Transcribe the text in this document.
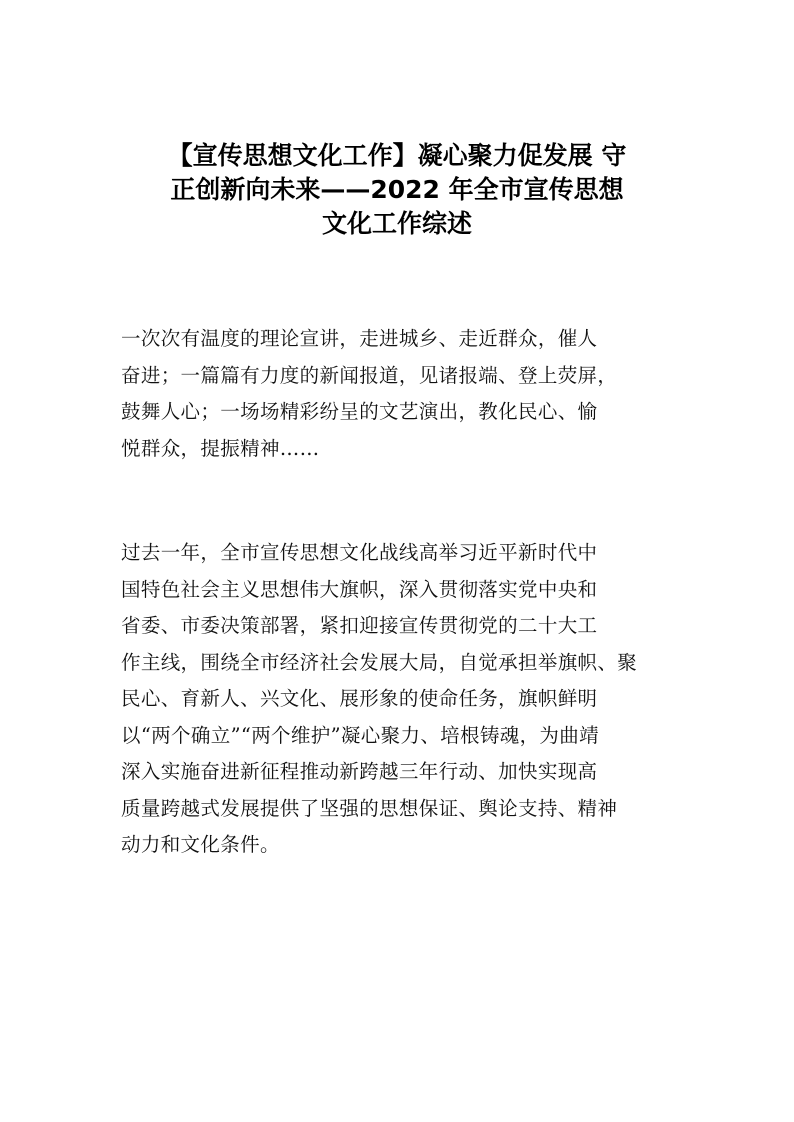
【宣传思想文化工作】凝心聚力促发展 守
正创新向未来——2022 年全市宣传思想
文化工作综述
一次次有温度的理论宣讲，走进城乡、走近群众，催人
奋进；一篇篇有力度的新闻报道，见诸报端、登上荧屏，
鼓舞人心；一场场精彩纷呈的文艺演出，教化民心、愉
悦群众，提振精神……
过去一年，全市宣传思想文化战线高举习近平新时代中
国特色社会主义思想伟大旗帜，深入贯彻落实党中央和
省委、市委决策部署，紧扣迎接宣传贯彻党的二十大工
作主线，围绕全市经济社会发展大局，自觉承担举旗帜、聚
民心、育新人、兴文化、展形象的使命任务，旗帜鲜明
以“两个确立”“两个维护”凝心聚力、培根铸魂，为曲靖
深入实施奋进新征程推动新跨越三年行动、加快实现高
质量跨越式发展提供了坚强的思想保证、舆论支持、精神
动力和文化条件。
